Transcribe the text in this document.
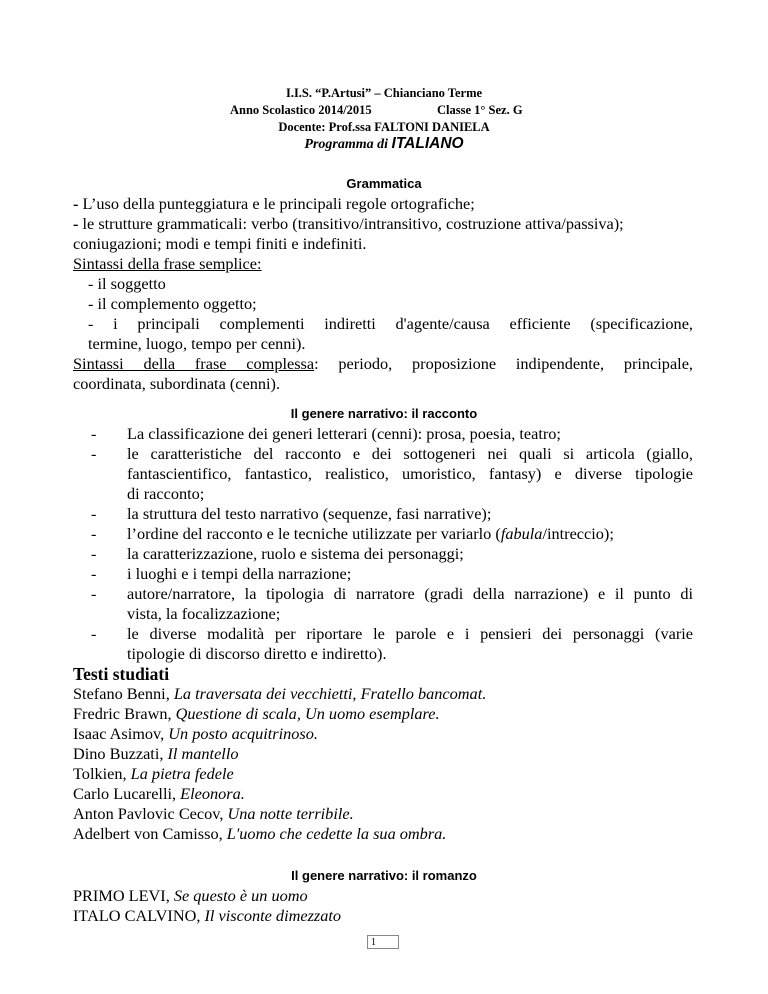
I.I.S. “P.Artusi” – Chianciano Terme
Anno Scolastico 2014/2015	Classe 1° Sez. G
Docente: Prof.ssa FALTONI DANIELA
Programma di ITALIANO
Grammatica
- L’uso della punteggiatura e le principali regole ortografiche;
- le strutture grammaticali: verbo (transitivo/intransitivo, costruzione attiva/passiva);
coniugazioni; modi e tempi finiti e indefiniti.
Sintassi della frase semplice:
- il soggetto
- il complemento oggetto;
- i principali complementi indiretti d'agente/causa efficiente (specificazione,
termine, luogo, tempo per cenni).
Sintassi della frase complessa: periodo, proposizione indipendente, principale,
coordinata, subordinata (cenni).
Il genere narrativo: il racconto
- La classificazione dei generi letterari (cenni): prosa, poesia, teatro;
- le caratteristiche del racconto e dei sottogeneri nei quali si articola (giallo,
fantascientifico, fantastico, realistico, umoristico, fantasy) e diverse tipologie
di racconto;
- la struttura del testo narrativo (sequenze, fasi narrative);
- l’ordine del racconto e le tecniche utilizzate per variarlo (fabula/intreccio);
- la caratterizzazione, ruolo e sistema dei personaggi;
- i luoghi e i tempi della narrazione;
- autore/narratore, la tipologia di narratore (gradi della narrazione) e il punto di
vista, la focalizzazione;
- le diverse modalità per riportare le parole e i pensieri dei personaggi (varie
tipologie di discorso diretto e indiretto).
Testi studiati
Stefano Benni, La traversata dei vecchietti, Fratello bancomat.
Fredric Brawn, Questione di scala, Un uomo esemplare.
Isaac Asimov, Un posto acquitrinoso.
Dino Buzzati, Il mantello
Tolkien, La pietra fedele
Carlo Lucarelli, Eleonora.
Anton Pavlovic Cecov, Una notte terribile.
Adelbert von Camisso, L'uomo che cedette la sua ombra.
Il genere narrativo: il romanzo
PRIMO LEVI, Se questo è un uomo
ITALO CALVINO, Il visconte dimezzato
1
